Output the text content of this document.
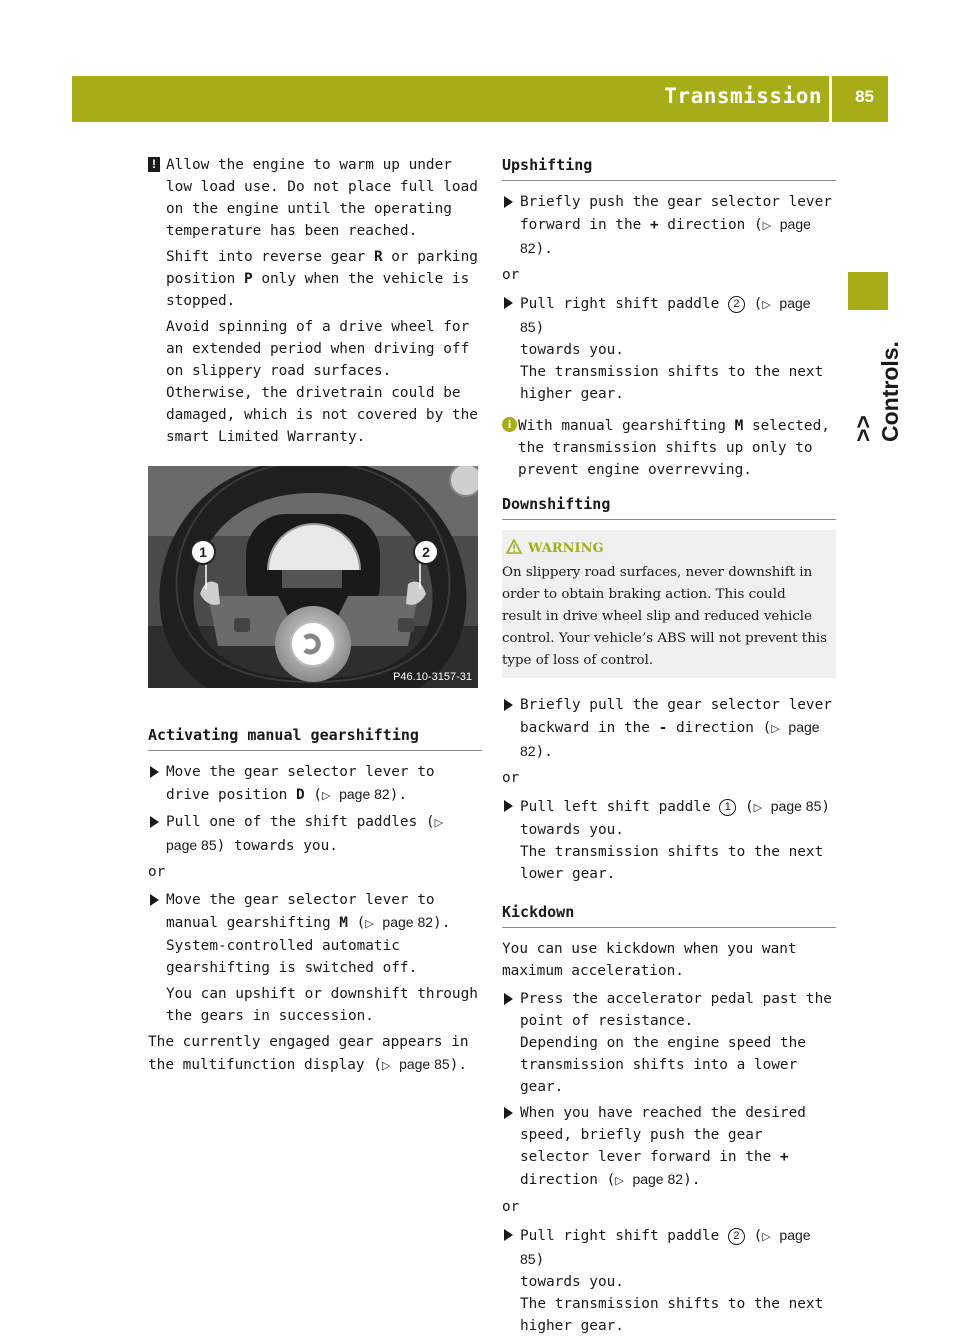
Transmission 85
>> Controls.
! Allow the engine to warm up under low load use. Do not place full load on the engine until the operating temperature has been reached.

Shift into reverse gear R or parking position P only when the vehicle is stopped.

Avoid spinning of a drive wheel for an extended period when driving off on slippery road surfaces. Otherwise, the drivetrain could be damaged, which is not covered by the smart Limited Warranty.

1	2
P46.10-3157-31
Activating manual gearshifting
Move the gear selector lever to drive position D (▷ page 82).
Pull one of the shift paddles (▷ page 85) towards you.

or

Move the gear selector lever to manual gearshifting M (▷ page 82).

System-controlled automatic gearshifting is switched off.

You can upshift or downshift through the gears in succession.

The currently engaged gear appears in the multifunction display (▷ page 85).

Upshifting
Briefly push the gear selector lever forward in the + direction (▷ page 82).

or

Pull right shift paddle 2 (▷ page 85)

towards you.

The transmission shifts to the next higher gear.

i With manual gearshifting M selected, the transmission shifts up only to prevent engine overrevving.
Downshifting
WARNING
On slippery road surfaces, never downshift in order to obtain braking action. This could result in drive wheel slip and reduced vehicle control. Your vehicle’s ABS will not prevent this type of loss of control.
Briefly pull the gear selector lever backward in the - direction (▷ page 82).

or

Pull left shift paddle 1 (▷ page 85)

towards you.

The transmission shifts to the next lower gear.

Kickdown

You can use kickdown when you want maximum acceleration.

Press the accelerator pedal past the point of resistance.

Depending on the engine speed the transmission shifts into a lower gear.

When you have reached the desired speed, briefly push the gear selector lever forward in the + direction (▷ page 82).

or

Pull right shift paddle 2 (▷ page 85)

towards you.

The transmission shifts to the next higher gear.
